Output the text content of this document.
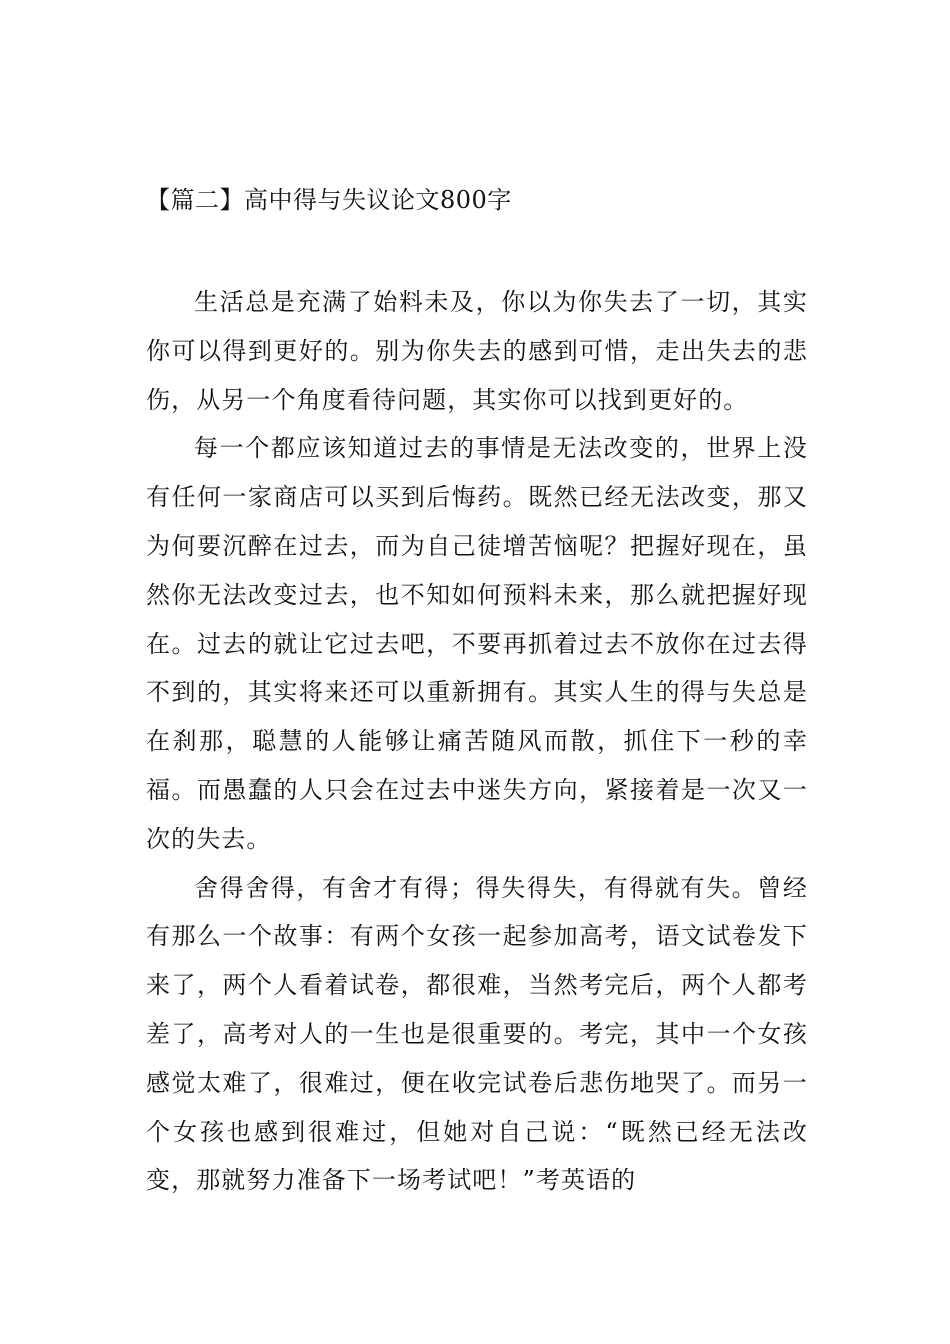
【篇二】高中得与失议论文800字

生活总是充满了始料未及，你以为你失去了一切，其实你可以得到更好的。别为你失去的感到可惜，走出失去的悲伤，从另一个角度看待问题，其实你可以找到更好的。

每一个都应该知道过去的事情是无法改变的，世界上没有任何一家商店可以买到后悔药。既然已经无法改变，那又为何要沉醉在过去，而为自己徒增苦恼呢？把握好现在，虽然你无法改变过去，也不知如何预料未来，那么就把握好现在。过去的就让它过去吧，不要再抓着过去不放你在过去得不到的，其实将来还可以重新拥有。其实人生的得与失总是在刹那，聪慧的人能够让痛苦随风而散，抓住下一秒的幸福。而愚蠢的人只会在过去中迷失方向，紧接着是一次又一次的失去。

舍得舍得，有舍才有得；得失得失，有得就有失。曾经有那么一个故事：有两个女孩一起参加高考，语文试卷发下来了，两个人看着试卷，都很难，当然考完后，两个人都考差了，高考对人的一生也是很重要的。考完，其中一个女孩感觉太难了，很难过，便在收完试卷后悲伤地哭了。而另一个女孩也感到很难过，但她对自己说：“既然已经无法改变，那就努力准备下一场考试吧！”考英语的
